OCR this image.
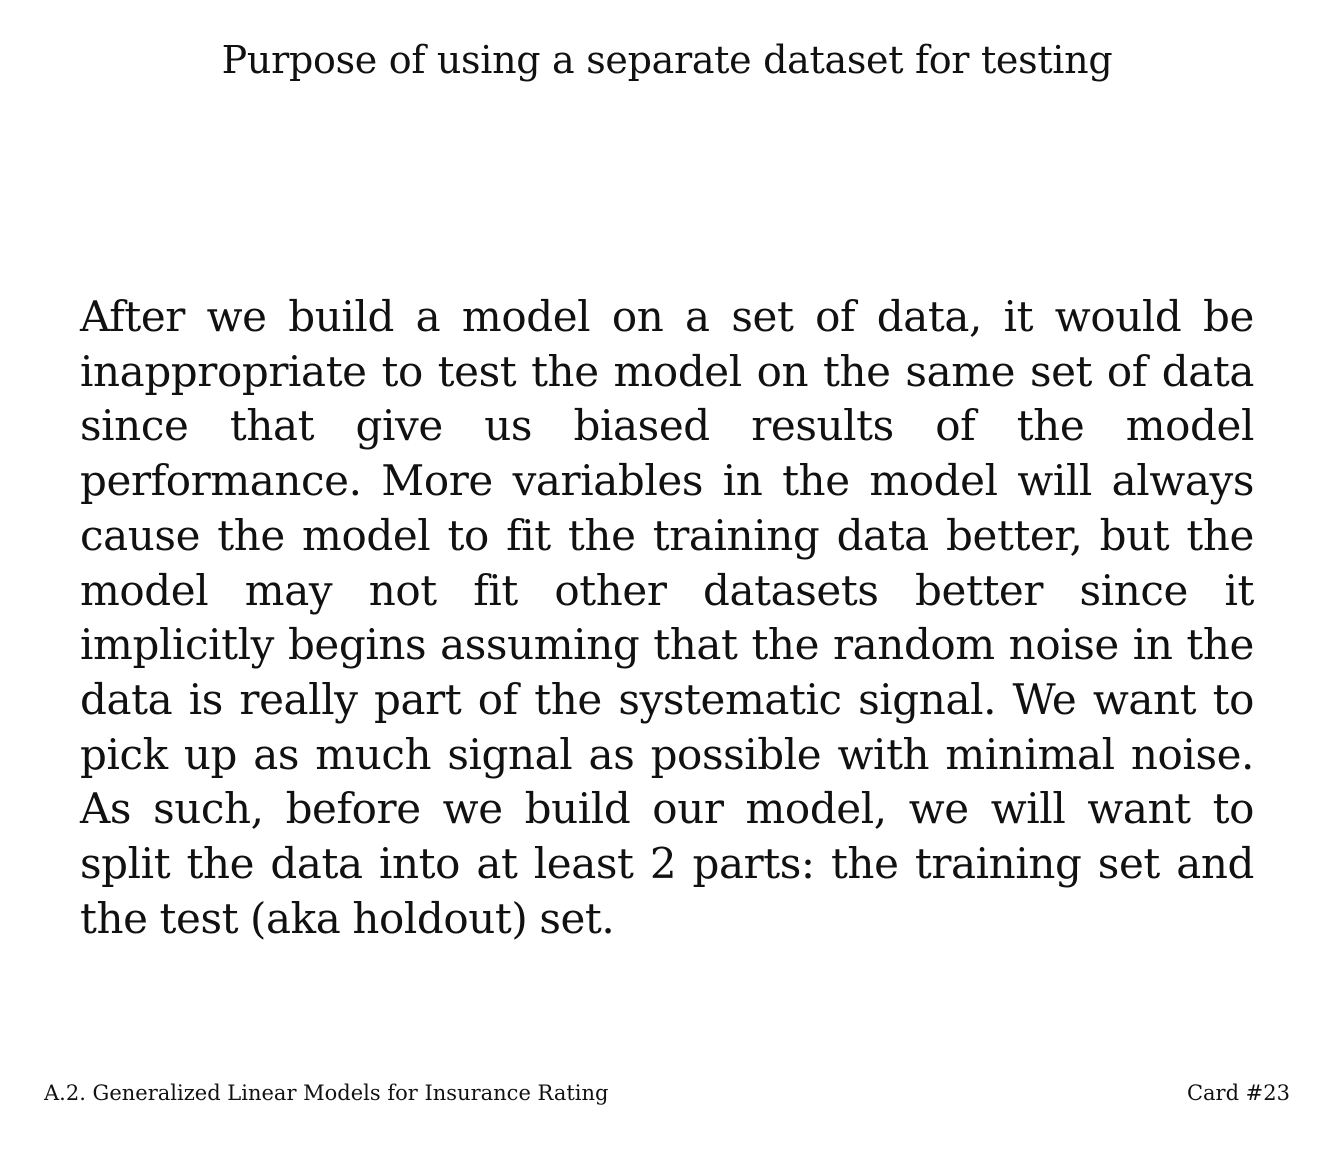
Purpose of using a separate dataset for testing

After we build a model on a set of data, it would be inappropriate to test the model on the same set of data since that give us biased results of the model performance. More variables in the model will always cause the model to fit the training data better, but the model may not fit other datasets better since it implicitly begins assuming that the random noise in the data is really part of the systematic signal. We want to pick up as much signal as possible with minimal noise. As such, before we build our model, we will want to split the data into at least 2 parts: the training set and the test (aka holdout) set.

A.2. Generalized Linear Models for Insurance Rating	Card #23
